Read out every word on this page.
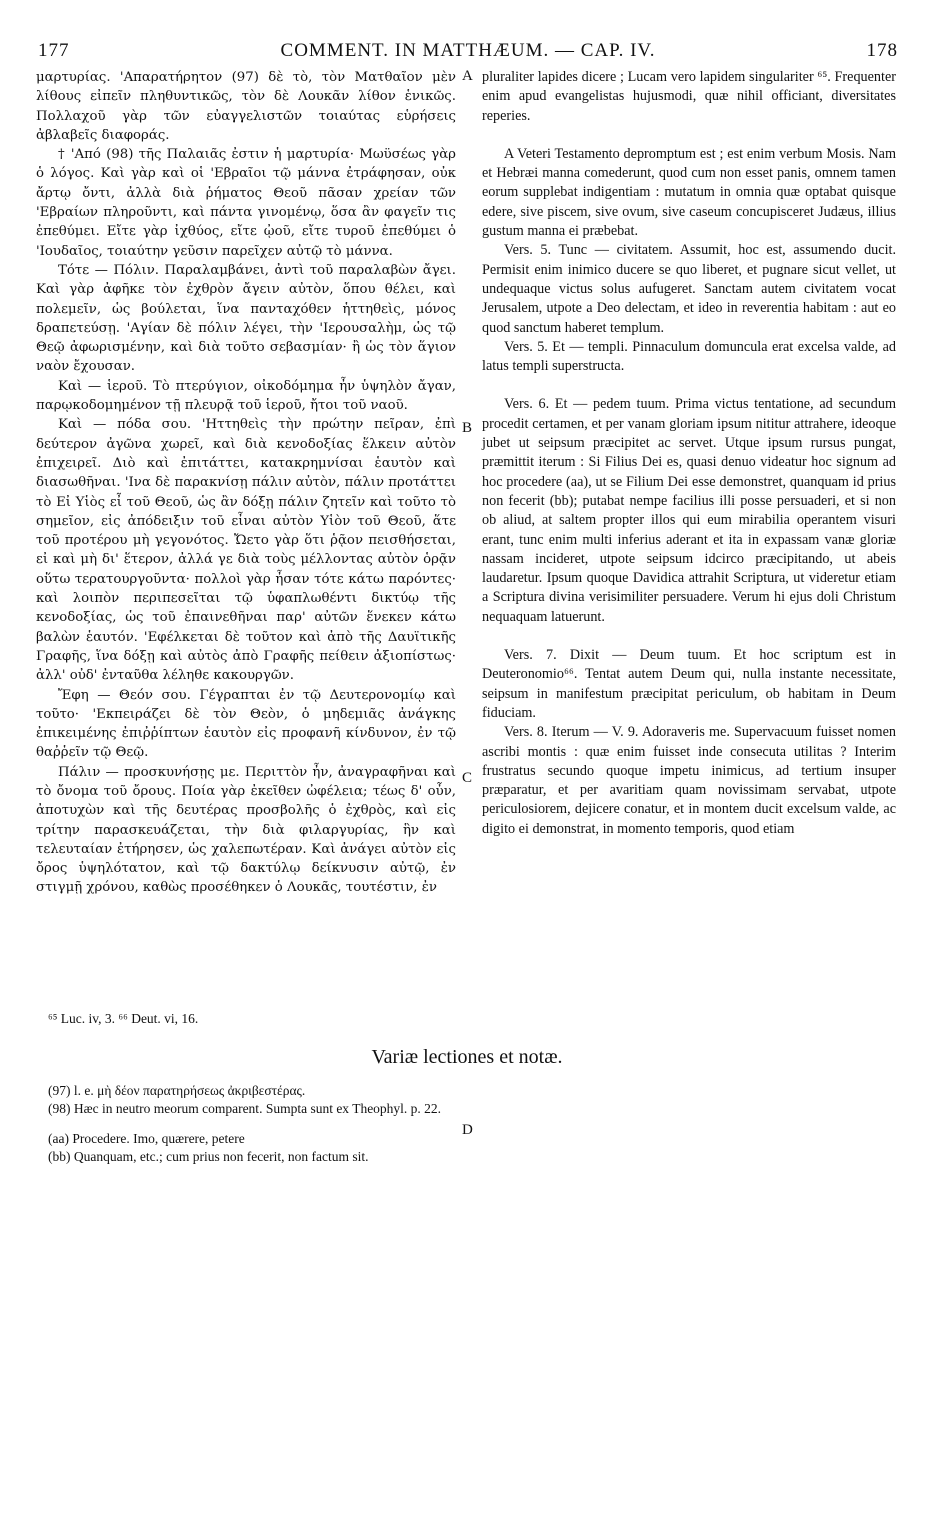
177	COMMENT. IN MATTHÆUM. — CAP. IV.	178

μαρτυρίας. 'Απαρατήρητον (97) δὲ τὸ, τὸν Ματθαῖον μὲν λίθους εἰπεῖν πληθυντικῶς, τὸν δὲ Λουκᾶν λίθον ἑνικῶς. Πολλαχοῦ γὰρ τῶν εὐαγγελιστῶν τοιαύτας εὑρήσεις ἀβλαβεῖς διαφοράς.

† 'Από (98) τῆς Παλαιᾶς ἐστιν ἡ μαρτυρία· Μωϋσέως γὰρ ὁ λόγος. Καὶ γὰρ καὶ οἱ 'Εβραῖοι τῷ μάννα ἐτράφησαν, οὐκ ἄρτῳ ὄντι, ἀλλὰ διὰ ῥήματος Θεοῦ πᾶσαν χρείαν τῶν 'Εβραίων πληροῦντι, καὶ πάντα γινομένῳ, ὅσα ἂν φαγεῖν τις ἐπεθύμει. Εἴτε γὰρ ἰχθύος, εἴτε ᾠοῦ, εἴτε τυροῦ ἐπεθύμει ὁ 'Ιουδαῖος, τοιαύτην γεῦσιν παρεῖχεν αὐτῷ τὸ μάννα.

Τότε — Πόλιν. Παραλαμβάνει, ἀντὶ τοῦ παραλαβὼν ἄγει. Καὶ γὰρ ἀφῆκε τὸν ἐχθρὸν ἄγειν αὐτὸν, ὅπου θέλει, καὶ πολεμεῖν, ὡς βούλεται, ἵνα πανταχόθεν ἡττηθεὶς, μόνος δραπετεύσῃ. 'Αγίαν δὲ πόλιν λέγει, τὴν 'Ιερουσαλὴμ, ὡς τῷ Θεῷ ἀφωρισμένην, καὶ διὰ τοῦτο σεβασμίαν· ἢ ὡς τὸν ἅγιον ναὸν ἔχουσαν.

Καὶ — ἱεροῦ. Τὸ πτερύγιον, οἰκοδόμημα ἦν ὑψηλὸν ἄγαν, παρῳκοδομημένον τῇ πλευρᾷ τοῦ ἱεροῦ, ἤτοι τοῦ ναοῦ.

Καὶ — πόδα σου. 'Ηττηθεὶς τὴν πρώτην πεῖραν, ἐπὶ δεύτερον ἀγῶνα χωρεῖ, καὶ διὰ κενοδοξίας ἕλκειν αὐτὸν ἐπιχειρεῖ. Διὸ καὶ ἐπιτάττει, κατακρημνίσαι ἑαυτὸν καὶ διασωθῆναι. 'Ινα δὲ παρακνίσῃ πάλιν αὐτὸν, πάλιν προτάττει τὸ Εἰ Υἱὸς εἶ τοῦ Θεοῦ, ὡς ἂν δόξῃ πάλιν ζητεῖν καὶ τοῦτο τὸ σημεῖον, εἰς ἀπόδειξιν τοῦ εἶναι αὐτὸν Υἱὸν τοῦ Θεοῦ, ἅτε τοῦ προτέρου μὴ γεγονότος. Ὤετο γὰρ ὅτι ῥᾷον πεισθήσεται, εἰ καὶ μὴ δι' ἕτερον, ἀλλά γε διὰ τοὺς μέλλοντας αὐτὸν ὁρᾷν οὕτω τερατουργοῦντα· πολλοὶ γὰρ ἦσαν τότε κάτω παρόντες· καὶ λοιπὸν περιπεσεῖται τῷ ὑφαπλωθέντι δικτύῳ τῆς κενοδοξίας, ὡς τοῦ ἐπαινεθῆναι παρ' αὐτῶν ἕνεκεν κάτω βαλὼν ἑαυτόν. 'Εφέλκεται δὲ τοῦτον καὶ ἀπὸ τῆς Δαυϊτικῆς Γραφῆς, ἵνα δόξῃ καὶ αὐτὸς ἀπὸ Γραφῆς πείθειν ἀξιοπίστως· ἀλλ' οὐδ' ἐνταῦθα λέληθε κακουργῶν.

Ἔφη — Θεόν σου. Γέγραπται ἐν τῷ Δευτερονομίῳ καὶ τοῦτο· 'Εκπειράζει δὲ τὸν Θεὸν, ὁ μηδεμιᾶς ἀνάγκης ἐπικειμένης ἐπιῤῥίπτων ἑαυτὸν εἰς προφανῆ κίνδυνον, ἐν τῷ θαῤῥεῖν τῷ Θεῷ.

Πάλιν — προσκυνήσῃς με. Περιττὸν ἦν, ἀναγραφῆναι καὶ τὸ ὄνομα τοῦ ὄρους. Ποία γὰρ ἐκεῖθεν ὠφέλεια; τέως δ' οὖν, ἀποτυχὼν καὶ τῆς δευτέρας προσβολῆς ὁ ἐχθρὸς, καὶ εἰς τρίτην παρασκευάζεται, τὴν διὰ φιλαργυρίας, ἣν καὶ τελευταίαν ἐτήρησεν, ὡς χαλεπωτέραν. Καὶ ἀνάγει αὐτὸν εἰς ὄρος ὑψηλότατον, καὶ τῷ δακτύλῳ δείκνυσιν αὐτῷ, ἐν στιγμῇ χρόνου, καθὼς προσέθηκεν ὁ Λουκᾶς, τουτέστιν, ἐν

A
B
C
D

pluraliter lapides dicere ; Lucam vero lapidem singulariter ⁶⁵. Frequenter enim apud evangelistas hujusmodi, quæ nihil officiant, diversitates reperies.

A Veteri Testamento depromptum est ; est enim verbum Mosis. Nam et Hebræi manna comederunt, quod cum non esset panis, omnem tamen eorum supplebat indigentiam : mutatum in omnia quæ optabat quisque edere, sive piscem, sive ovum, sive caseum concupisceret Judæus, illius gustum manna ei præbebat.

Vers. 5. Tunc — civitatem. Assumit, hoc est, assumendo ducit. Permisit enim inimico ducere se quo liberet, et pugnare sicut vellet, ut undequaque victus solus aufugeret. Sanctam autem civitatem vocat Jerusalem, utpote a Deo delectam, et ideo in reverentia habitam : aut eo quod sanctum haberet templum.

Vers. 5. Et — templi. Pinnaculum domuncula erat excelsa valde, ad latus templi superstructa.

Vers. 6. Et — pedem tuum. Prima victus tentatione, ad secundum procedit certamen, et per vanam gloriam ipsum nititur attrahere, ideoque jubet ut seipsum præcipitet ac servet. Utque ipsum rursus pungat, præmittit iterum : Si Filius Dei es, quasi denuo videatur hoc signum ad hoc procedere (aa), ut se Filium Dei esse demonstret, quanquam id prius non fecerit (bb); putabat nempe facilius illi posse persuaderi, et si non ob aliud, at saltem propter illos qui eum mirabilia operantem visuri erant, tunc enim multi inferius aderant et ita in expassam vanæ gloriæ nassam incideret, utpote seipsum idcirco præcipitando, ut abeis laudaretur. Ipsum quoque Davidica attrahit Scriptura, ut videretur etiam a Scriptura divina verisimiliter persuadere. Verum hi ejus doli Christum nequaquam latuerunt.

Vers. 7. Dixit — Deum tuum. Et hoc scriptum est in Deuteronomio⁶⁶. Tentat autem Deum qui, nulla instante necessitate, seipsum in manifestum præcipitat periculum, ob habitam in Deum fiduciam.

Vers. 8. Iterum — V. 9. Adoraveris me. Supervacuum fuisset nomen ascribi montis : quæ enim fuisset inde consecuta utilitas ? Interim frustratus secundo quoque impetu inimicus, ad tertium insuper præparatur, et per avaritiam quam novissimam servabat, utpote periculosiorem, dejicere conatur, et in montem ducit excelsum valde, ac digito ei demonstrat, in momento temporis, quod etiam

⁶⁵ Luc. iv, 3. ⁶⁶ Deut. vi, 16.
Variæ lectiones et notæ.
(97) l. e. μὴ δέον παρατηρήσεως ἀκριβεστέρας.
(98) Hæc in neutro meorum comparent. Sumpta sunt ex Theophyl. p. 22.
(aa) Procedere. Imo, quærere, petere
(bb) Quanquam, etc.; cum prius non fecerit, non factum sit.
